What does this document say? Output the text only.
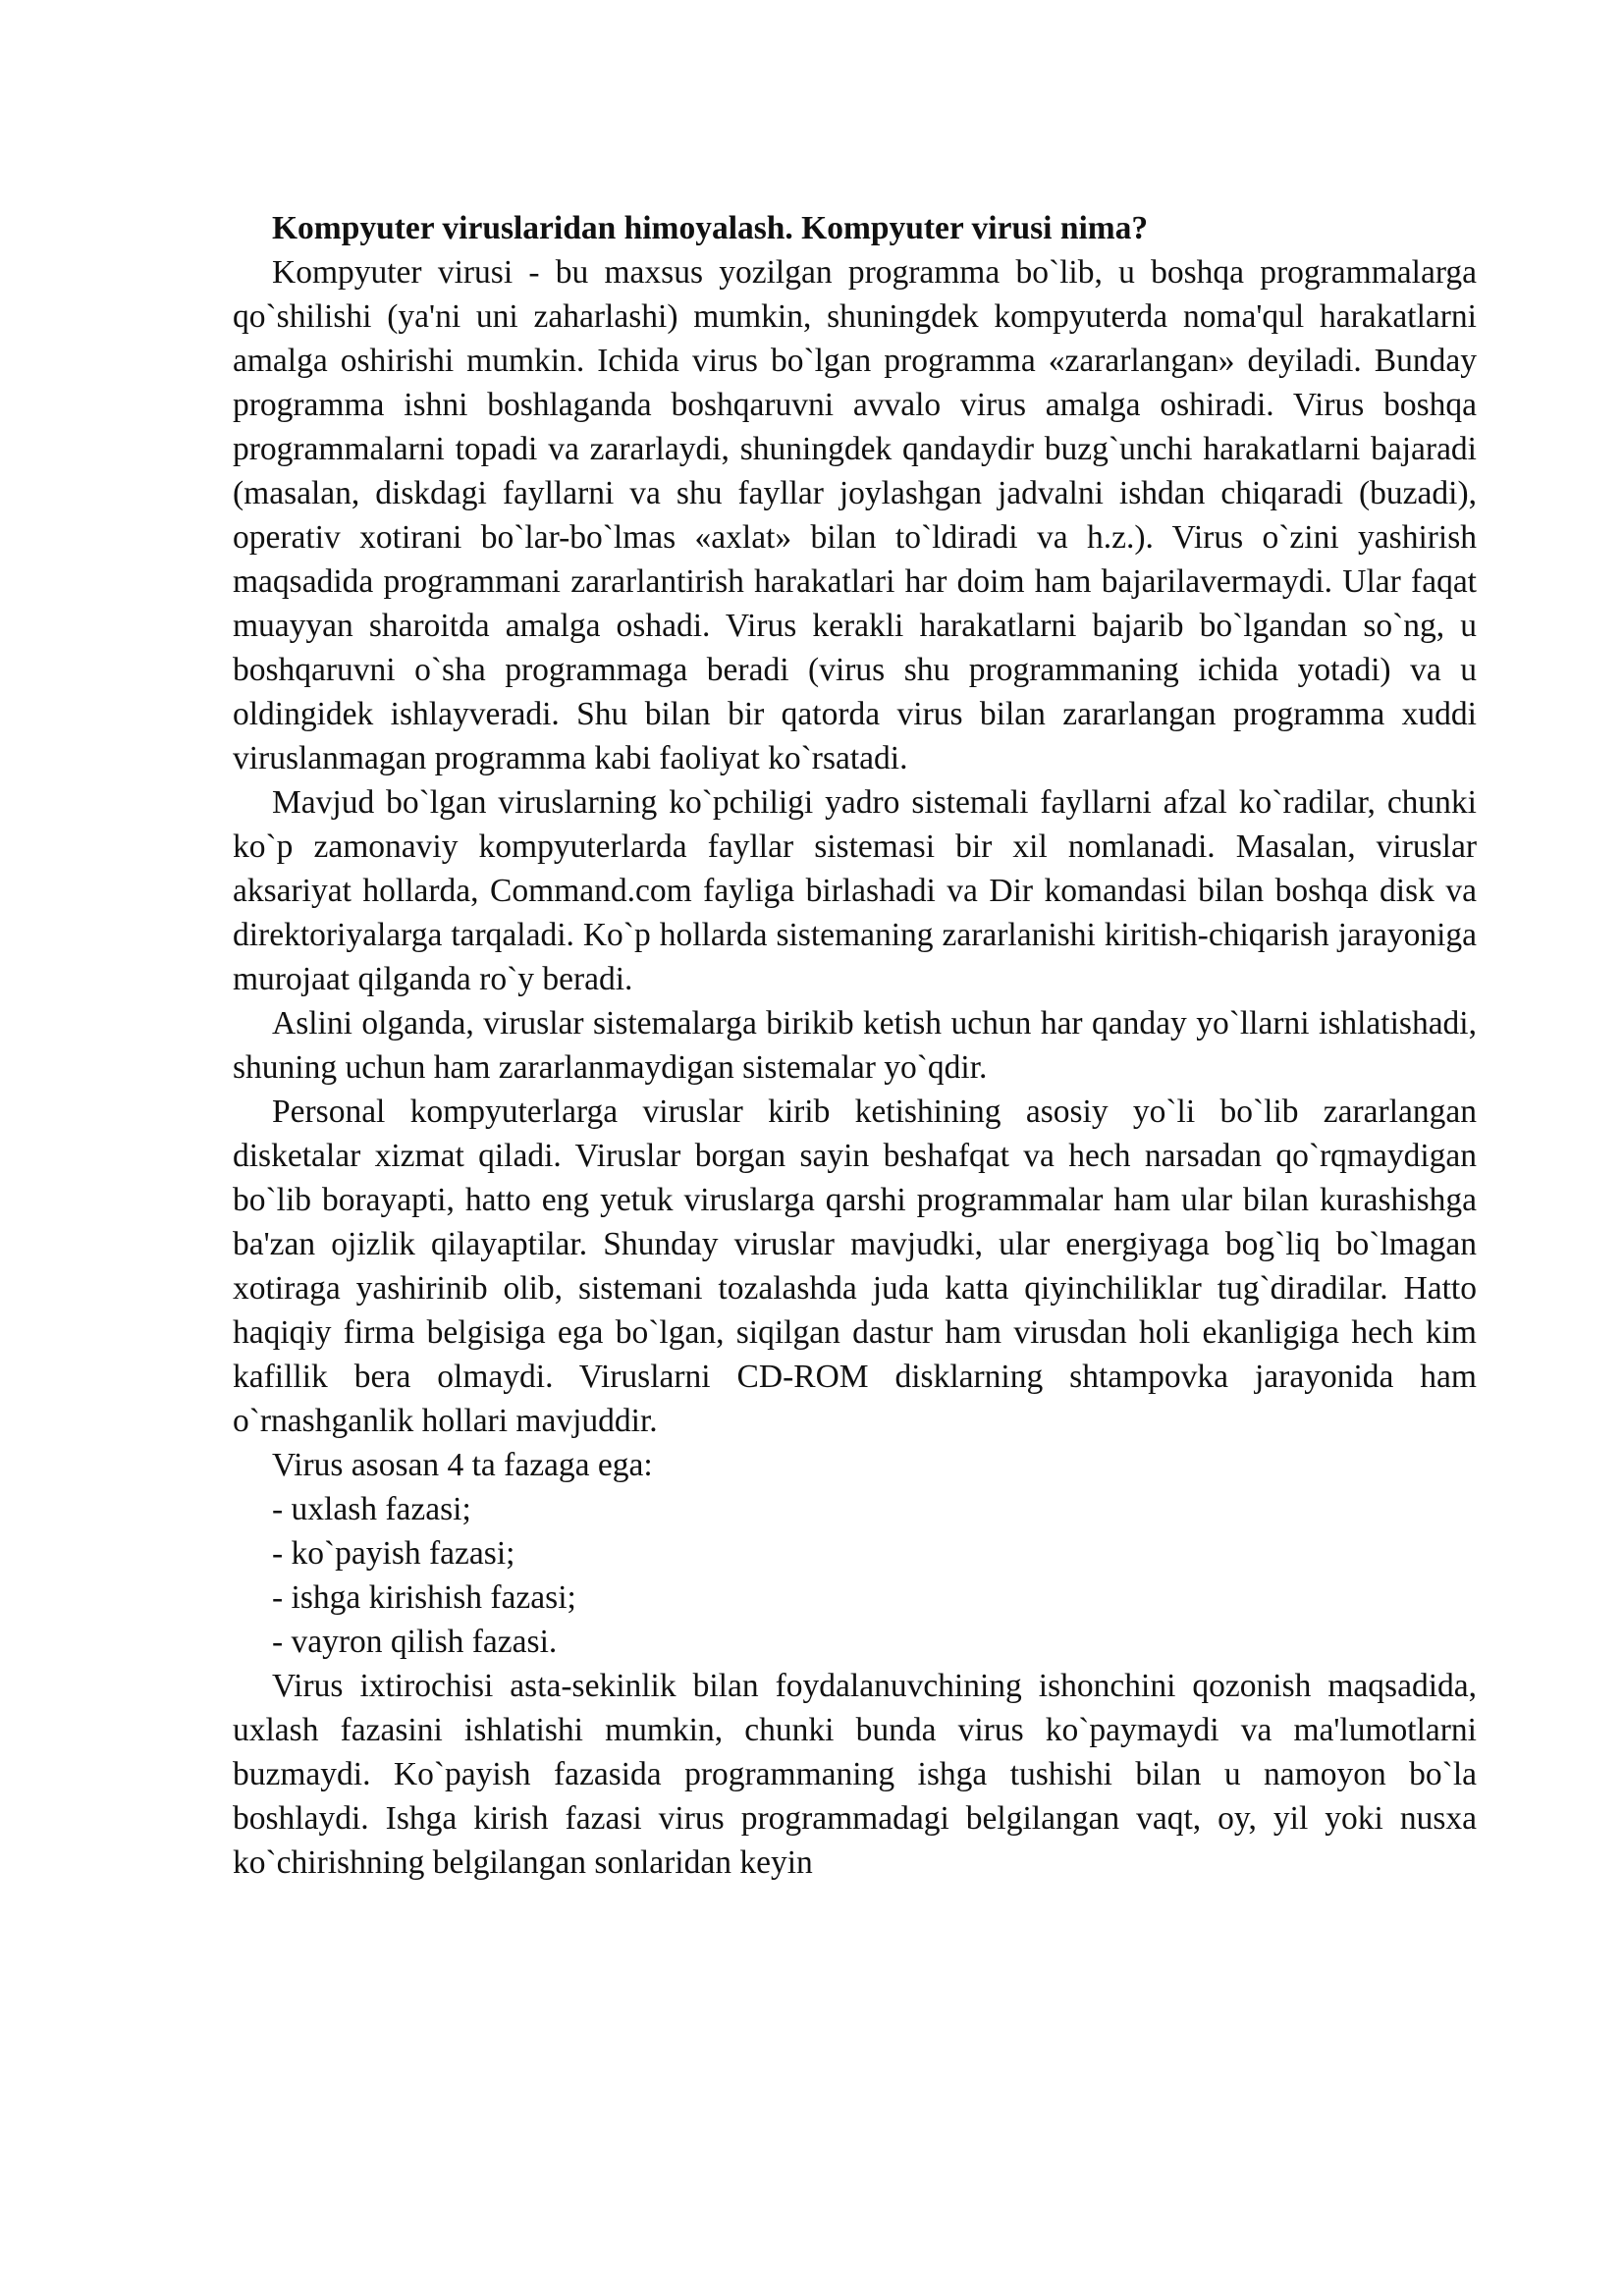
Kompyuter viruslaridan himoyalash. Kompyuter virusi nima?

Kompyuter virusi - bu maxsus yozilgan programma bo`lib, u boshqa programmalarga qo`shilishi (ya'ni uni zaharlashi) mumkin, shuningdek kompyuterda noma'qul harakatlarni amalga oshirishi mumkin. Ichida virus bo`lgan programma «zararlangan» deyiladi. Bunday programma ishni boshlaganda boshqaruvni avvalo virus amalga oshiradi. Virus boshqa programmalarni topadi va zararlaydi, shuningdek qandaydir buzg`unchi harakatlarni bajaradi (masalan, diskdagi fayllarni va shu fayllar joylashgan jadvalni ishdan chiqaradi (buzadi), operativ xotirani bo`lar-bo`lmas «axlat» bilan to`ldiradi va h.z.). Virus o`zini yashirish maqsadida programmani zararlantirish harakatlari har doim ham bajarilavermaydi. Ular faqat muayyan sharoitda amalga oshadi. Virus kerakli harakatlarni bajarib bo`lgandan so`ng, u boshqaruvni o`sha programmaga beradi (virus shu programmaning ichida yotadi) va u oldingidek ishlayveradi. Shu bilan bir qatorda virus bilan zararlangan programma xuddi viruslanmagan programma kabi faoliyat ko`rsatadi.

Mavjud bo`lgan viruslarning ko`pchiligi yadro sistemali fayllarni afzal ko`radilar, chunki ko`p zamonaviy kompyuterlarda fayllar sistemasi bir xil nomlanadi. Masalan, viruslar aksariyat hollarda, Command.com fayliga birlashadi va Dir komandasi bilan boshqa disk va direktoriyalarga tarqaladi. Ko`p hollarda sistemaning zararlanishi kiritish-chiqarish jarayoniga murojaat qilganda ro`y beradi.

Aslini olganda, viruslar sistemalarga birikib ketish uchun har qanday yo`llarni ishlatishadi, shuning uchun ham zararlanmaydigan sistemalar yo`qdir.

Personal kompyuterlarga viruslar kirib ketishining asosiy yo`li bo`lib zararlangan disketalar xizmat qiladi. Viruslar borgan sayin beshafqat va hech narsadan qo`rqmaydigan bo`lib borayapti, hatto eng yetuk viruslarga qarshi programmalar ham ular bilan kurashishga ba'zan ojizlik qilayaptilar. Shunday viruslar mavjudki, ular energiyaga bog`liq bo`lmagan xotiraga yashirinib olib, sistemani tozalashda juda katta qiyinchiliklar tug`diradilar. Hatto haqiqiy firma belgisiga ega bo`lgan, siqilgan dastur ham virusdan holi ekanligiga hech kim kafillik bera olmaydi. Viruslarni CD-ROM disklarning shtampovka jarayonida ham o`rnashganlik hollari mavjuddir.

Virus asosan 4 ta fazaga ega:

- uxlash fazasi;
- ko`payish fazasi;
- ishga kirishish fazasi;
- vayron qilish fazasi.

Virus ixtirochisi asta-sekinlik bilan foydalanuvchining ishonchini qozonish maqsadida, uxlash fazasini ishlatishi mumkin, chunki bunda virus ko`paymaydi va ma'lumotlarni buzmaydi. Ko`payish fazasida programmaning ishga tushishi bilan u namoyon bo`la boshlaydi. Ishga kirish fazasi virus programmadagi belgilangan vaqt, oy, yil yoki nusxa ko`chirishning belgilangan sonlaridan keyin
